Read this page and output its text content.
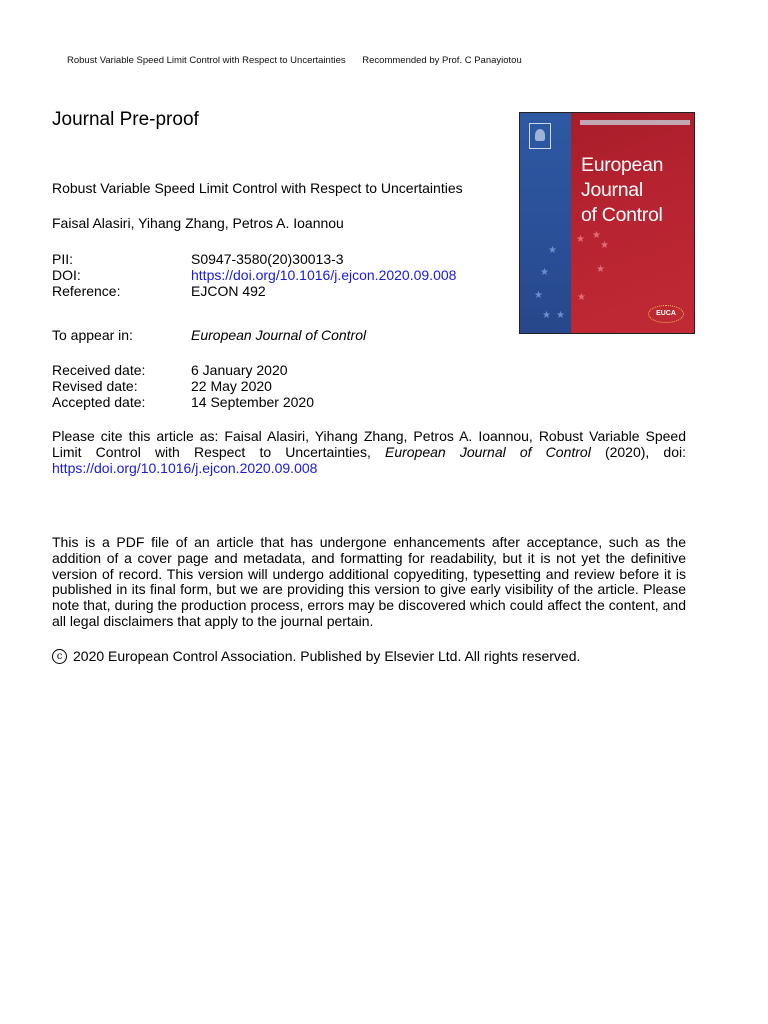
Robust Variable Speed Limit Control with Respect to Uncertainties Recommended by Prof. C Panayiotou
Journal Pre-proof
Robust Variable Speed Limit Control with Respect to Uncertainties
Faisal Alasiri, Yihang Zhang, Petros A. Ioannou
PII:	S0947-3580(20)30013-3
DOI:	https://doi.org/10.1016/j.ejcon.2020.09.008
Reference:	EJCON 492
To appear in:	European Journal of Control
Received date:	6 January 2020
Revised date:	22 May 2020
Accepted date:	14 September 2020
Please cite this article as: Faisal Alasiri, Yihang Zhang, Petros A. Ioannou, Robust Variable Speed Limit Control with Respect to Uncertainties, European Journal of Control (2020), doi: https://doi.org/10.1016/j.ejcon.2020.09.008
This is a PDF file of an article that has undergone enhancements after acceptance, such as the addition of a cover page and metadata, and formatting for readability, but it is not yet the definitive version of record. This version will undergo additional copyediting, typesetting and review before it is published in its final form, but we are providing this version to give early visibility of the article. Please note that, during the production process, errors may be discovered which could affect the content, and all legal disclaimers that apply to the journal pertain.
c 2020 European Control Association. Published by Elsevier Ltd. All rights reserved.
European
Journal
of Control
★
★
★
★
★
★
★
★
★
★	EUCA
